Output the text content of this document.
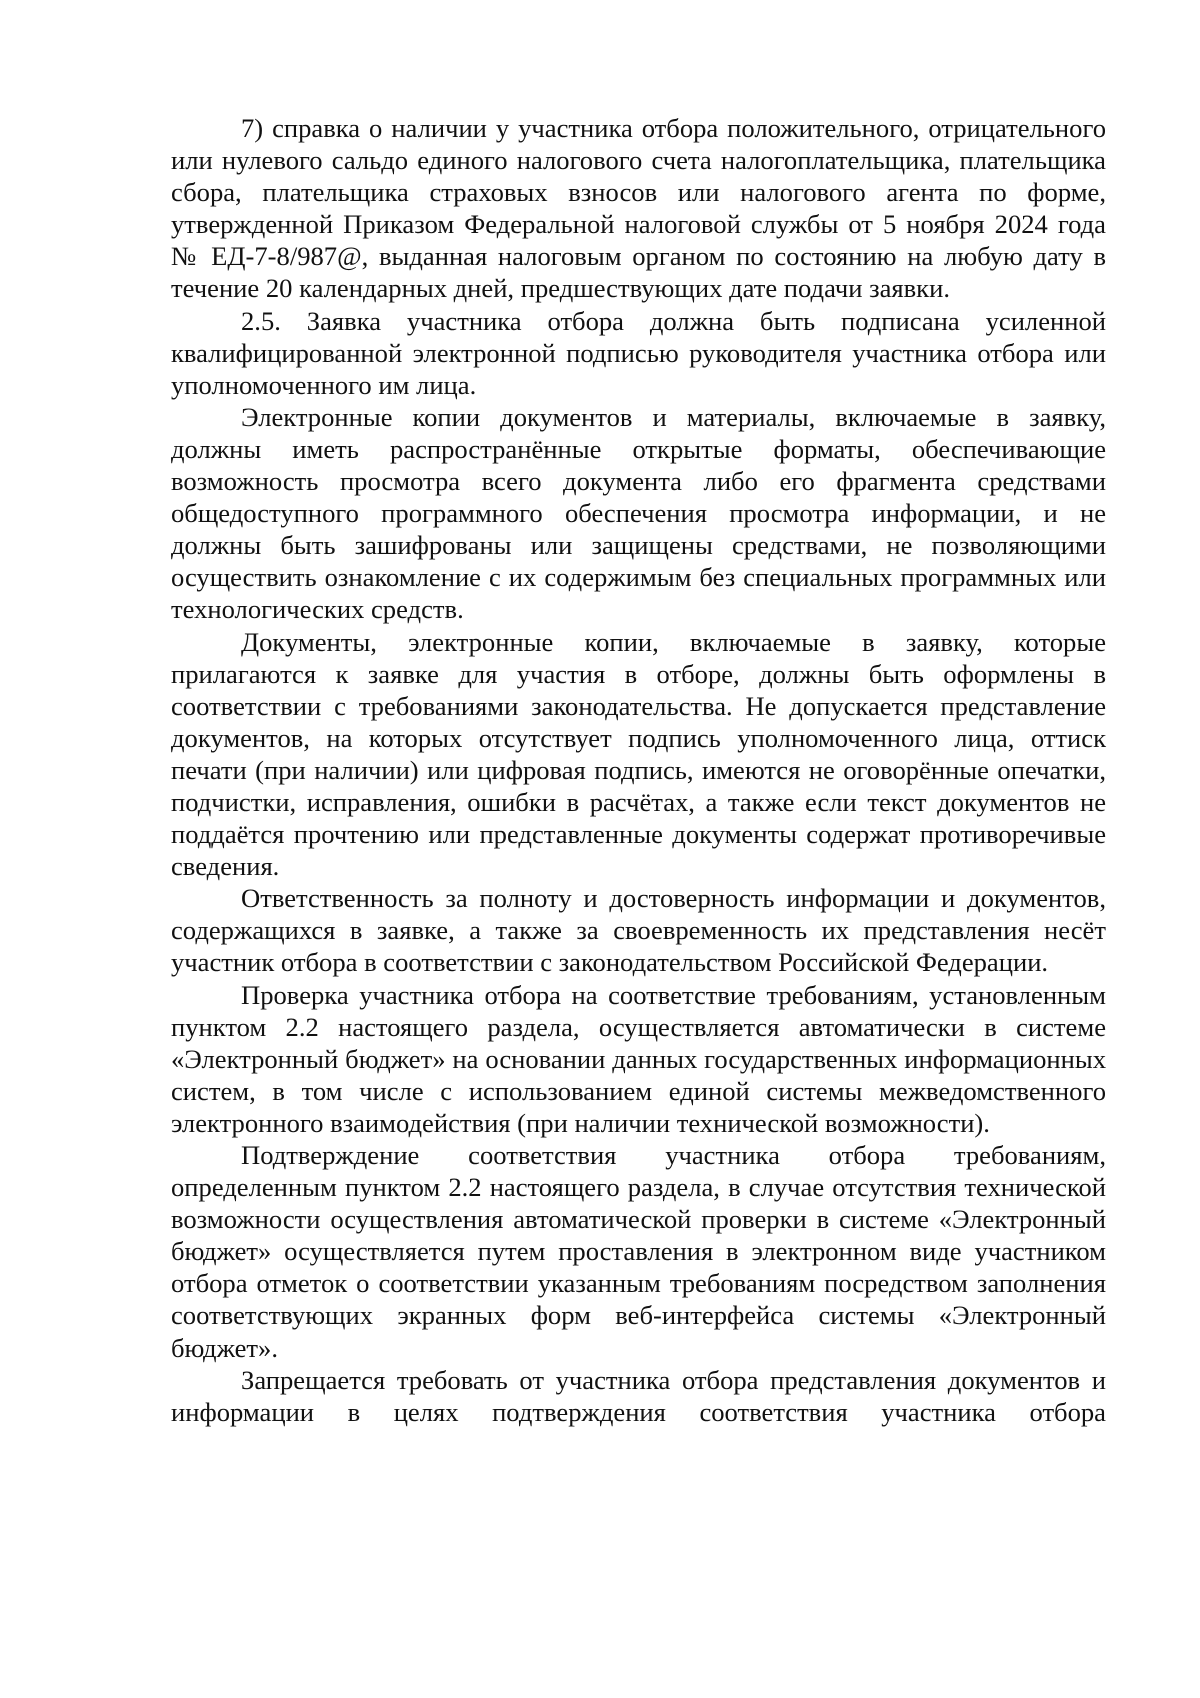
7) справка о наличии у участника отбора положительного, отрицательного или нулевого сальдо единого налогового счета налогоплательщика, плательщика сбора, плательщика страховых взносов или налогового агента по форме, утвержденной Приказом Федеральной налоговой службы от 5 ноября 2024 года № ЕД-7-8/987@, выданная налоговым органом по состоянию на любую дату в течение 20 календарных дней, предшествующих дате подачи заявки.

2.5. Заявка участника отбора должна быть подписана усиленной квалифицированной электронной подписью руководителя участника отбора или уполномоченного им лица.

Электронные копии документов и материалы, включаемые в заявку, должны иметь распространённые открытые форматы, обеспечивающие возможность просмотра всего документа либо его фрагмента средствами общедоступного программного обеспечения просмотра информации, и не должны быть зашифрованы или защищены средствами, не позволяющими осуществить ознакомление с их содержимым без специальных программных или технологических средств.

Документы, электронные копии, включаемые в заявку, которые прилагаются к заявке для участия в отборе, должны быть оформлены в соответствии с требованиями законодательства. Не допускается представление документов, на которых отсутствует подпись уполномоченного лица, оттиск печати (при наличии) или цифровая подпись, имеются не оговорённые опечатки, подчистки, исправления, ошибки в расчётах, а также если текст документов не поддаётся прочтению или представленные документы содержат противоречивые сведения.

Ответственность за полноту и достоверность информации и документов, содержащихся в заявке, а также за своевременность их представления несёт участник отбора в соответствии с законодательством Российской Федерации.

Проверка участника отбора на соответствие требованиям, установленным пунктом 2.2 настоящего раздела, осуществляется автоматически в системе «Электронный бюджет» на основании данных государственных информационных систем, в том числе с использованием единой системы межведомственного электронного взаимодействия (при наличии технической возможности).

Подтверждение соответствия участника отбора требованиям, определенным пунктом 2.2 настоящего раздела, в случае отсутствия технической возможности осуществления автоматической проверки в системе «Электронный бюджет» осуществляется путем проставления в электронном виде участником отбора отметок о соответствии указанным требованиям посредством заполнения соответствующих экранных форм веб-интерфейса системы «Электронный бюджет».

Запрещается требовать от участника отбора представления документов и информации в целях подтверждения соответствия участника отбора
